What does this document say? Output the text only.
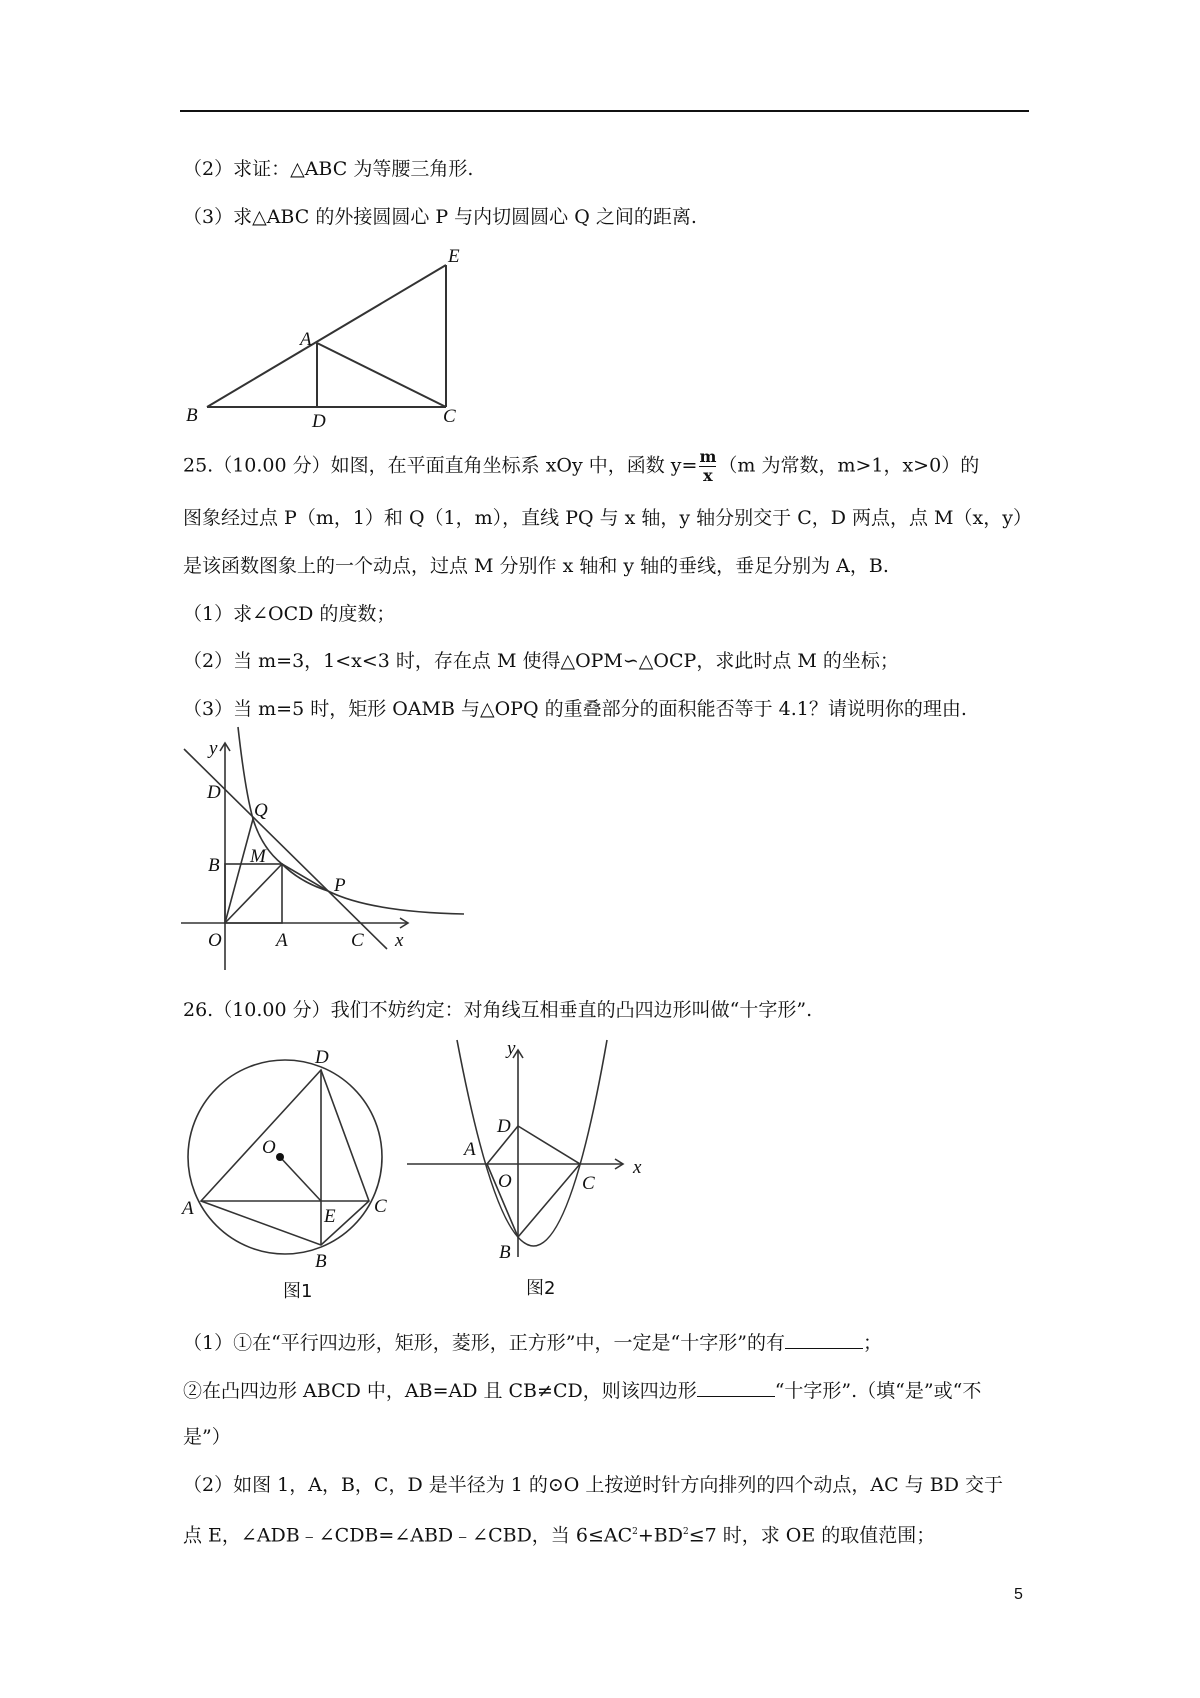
（2）求证：△ABC 为等腰三角形.
（3）求△ABC 的外接圆圆心 P 与内切圆圆心 Q 之间的距离.
E
A
B	D	C
y
x
D
Q
B M
P
O	A	C
D
O
A	E C
B
图1
y
x
D
A
O	C
B
图2
25.（10.00 分）如图，在平面直角坐标系 xOy 中，函数 $y= \frac{m}{x} (m$ 为常数，m>1，x>0）的
图象经过点 P（m，1）和 Q（1，m），直线 PQ 与 x 轴，y 轴分别交于 C，D 两点，点 M（x，y）
是该函数图象上的一个动点，过点 M 分别作 x 轴和 y 轴的垂线，垂足分别为 A，B.
（1）求∠OCD 的度数；
（2）当 m=3，1<x<3 时，存在点 M 使得△OPM∽△OCP，求此时点 M 的坐标；
（3）当 m=5 时，矩形 OAMB 与△OPQ 的重叠部分的面积能否等于 4.1？请说明你的理由.
26.（10.00 分）我们不妨约定：对角线互相垂直的凸四边形叫做“十字形”.
（1）①在“平行四边形，矩形，菱形，正方形”中，一定是“十字形”的有	；
②在凸四边形 ABCD 中，AB=AD 且 CB≠CD，则该四边形	“十字形”.（填“是”或“不
是”）
（2）如图 1，A，B，C，D 是半径为 1 的⊙O 上按逆时针方向排列的四个动点，AC 与 BD 交于
点 E，∠ADB﹣∠CDB=∠ABD﹣∠CBD，当 $6\le AC^2+BD^2\le 7$ 时，求 OE 的取值范围；
5
